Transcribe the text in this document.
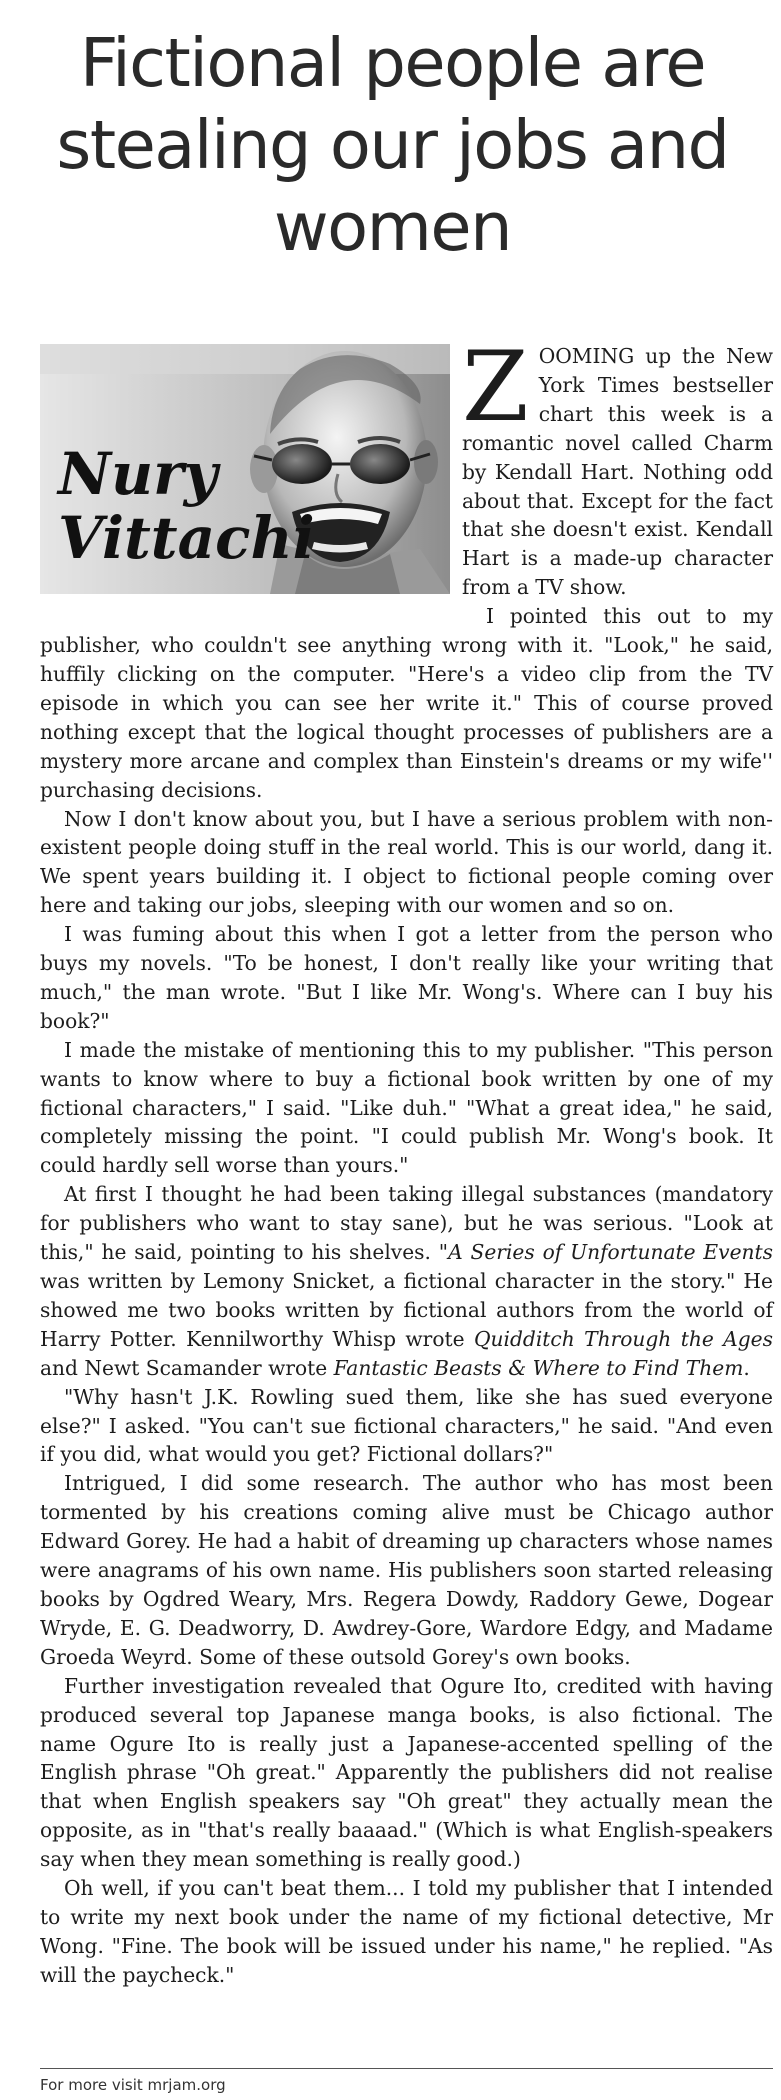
Fictional people are stealing our jobs and women
Nury
Vittachi

ZOOMING up the New York Times bestseller chart this week is a romantic novel called Charm by Kendall Hart. Nothing odd about that. Except for the fact that she doesn't exist. Kendall Hart is a made-up character from a TV show.

I pointed this out to my publisher, who couldn't see anything wrong with it. "Look," he said, huffily clicking on the computer. "Here's a video clip from the TV episode in which you can see her write it." This of course proved nothing except that the logical thought processes of publishers are a mystery more arcane and complex than Einstein's dreams or my wife'' purchasing decisions.

Now I don't know about you, but I have a serious problem with non-existent people doing stuff in the real world. This is our world, dang it. We spent years building it. I object to fictional people coming over here and taking our jobs, sleeping with our women and so on.

I was fuming about this when I got a letter from the person who buys my novels. "To be honest, I don't really like your writing that much," the man wrote. "But I like Mr. Wong's. Where can I buy his book?"

I made the mistake of mentioning this to my publisher. "This person wants to know where to buy a fictional book written by one of my fictional characters," I said. "Like duh." "What a great idea," he said, completely missing the point. "I could publish Mr. Wong's book. It could hardly sell worse than yours."

At first I thought he had been taking illegal substances (mandatory for publishers who want to stay sane), but he was serious. "Look at this," he said, pointing to his shelves. "A Series of Unfortunate Events was written by Lemony Snicket, a fictional character in the story." He showed me two books written by fictional authors from the world of Harry Potter. Kennilworthy Whisp wrote Quidditch Through the Ages and Newt Scamander wrote Fantastic Beasts & Where to Find Them.

"Why hasn't J.K. Rowling sued them, like she has sued everyone else?" I asked. "You can't sue fictional characters," he said. "And even if you did, what would you get? Fictional dollars?"

Intrigued, I did some research. The author who has most been tormented by his creations coming alive must be Chicago author Edward Gorey. He had a habit of dreaming up characters whose names were anagrams of his own name. His publishers soon started releasing books by Ogdred Weary, Mrs. Regera Dowdy, Raddory Gewe, Dogear Wryde, E. G. Deadworry, D. Awdrey-Gore, Wardore Edgy, and Madame Groeda Weyrd. Some of these outsold Gorey's own books.

Further investigation revealed that Ogure Ito, credited with having produced several top Japanese manga books, is also fictional. The name Ogure Ito is really just a Japanese-accented spelling of the English phrase "Oh great." Apparently the publishers did not realise that when English speakers say "Oh great" they actually mean the opposite, as in "that's really baaaad." (Which is what English-speakers say when they mean something is really good.)

Oh well, if you can't beat them... I told my publisher that I intended to write my next book under the name of my fictional detective, Mr Wong. "Fine. The book will be issued under his name," he replied. "As will the paycheck."

For more visit mrjam.org
